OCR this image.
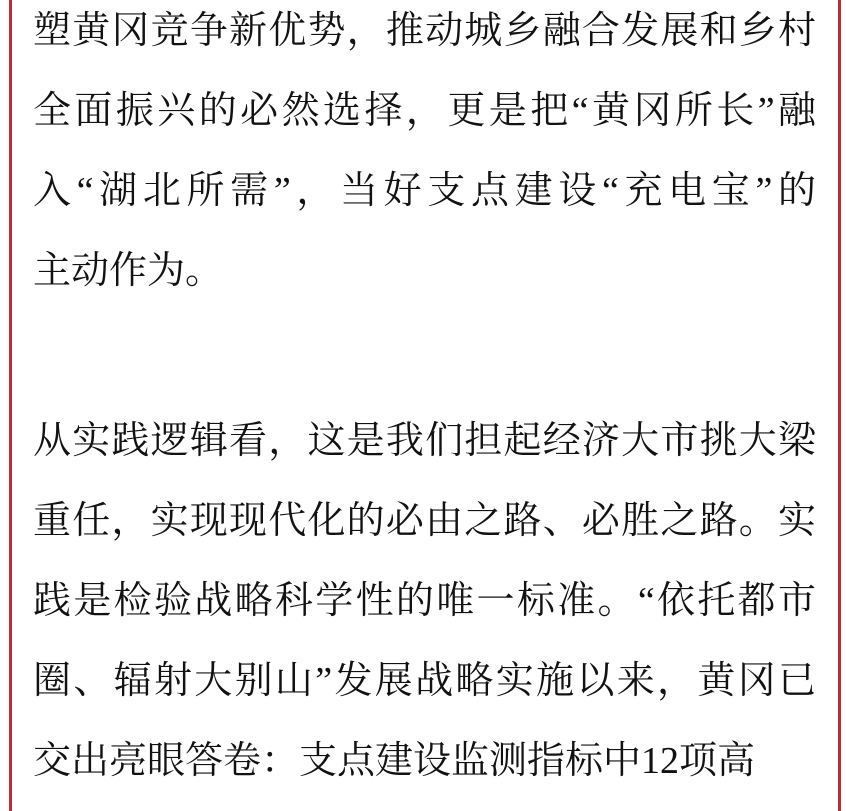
塑黄冈竞争新优势，推动城乡融合发展和乡村
全面振兴的必然选择，更是把“黄冈所长”融
入“湖北所需”，当好支点建设“充电宝”的
主动作为。
从实践逻辑看，这是我们担起经济大市挑大梁
重任，实现现代化的必由之路、必胜之路。实
践是检验战略科学性的唯一标准。“依托都市
圈、辐射大别山”发展战略实施以来，黄冈已
交出亮眼答卷：支点建设监测指标中12项高
